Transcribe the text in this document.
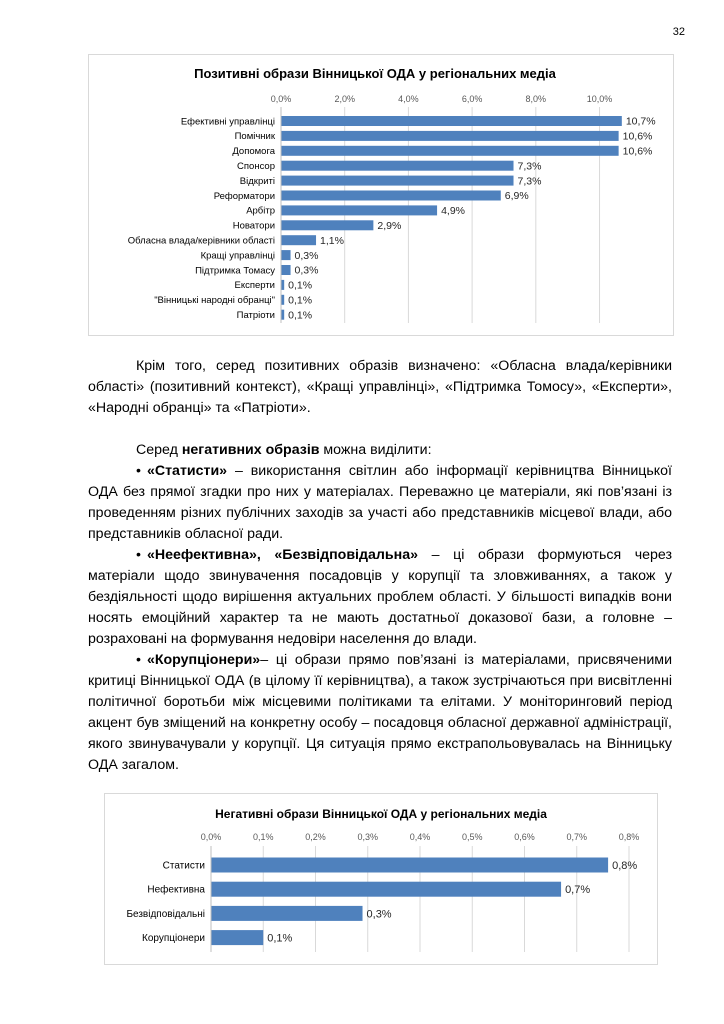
32
Позитивні образи Вінницької ОДА у регіональних медіа
0,0%	2,0%	4,0%	6,0%	8,0%	10,0%
Ефективні управлінці	10,7%
Помічник	10,6%
Допомога	10,6%
Спонсор	7,3%
Відкриті	7,3%
Реформатори	6,9%
Арбітр	4,9%
Новатори	2,9%
Обласна влада/керівники області	1,1%
Кращі управлінці 0,3%
Підтримка Томасу 0,3%
Експерти 0,1%
"Вінницькі народні обранці" 0,1%
Патріоти 0,1%

Крім того, серед позитивних образів визначено: «Обласна влада/керівники області» (позитивний контекст), «Кращі управлінці», «Підтримка Томосу», «Експерти», «Народні обранці» та «Патріоти».

Серед негативних образів можна виділити:

• «Статисти» – використання світлин або інформації керівництва Вінницької ОДА без прямої згадки про них у матеріалах. Переважно це матеріали, які пов’язані із проведенням різних публічних заходів за участі або представників місцевої влади, або представників обласної ради.

• «Неефективна», «Безвідповідальна» – ці образи формуються через матеріали щодо звинувачення посадовців у корупції та зловживаннях, а також у бездіяльності щодо вирішення актуальних проблем області. У більшості випадків вони носять емоційний характер та не мають достатньої доказової бази, а головне – розраховані на формування недовіри населення до влади.

• «Корупціонери»– ці образи прямо пов’язані із матеріалами, присвяченими критиці Вінницької ОДА (в цілому її керівництва), а також зустрічаються при висвітленні політичної боротьби між місцевими політиками та елітами. У моніторинговий період акцент був зміщений на конкретну особу – посадовця обласної державної адміністрації, якого звинувачували у корупції. Ця ситуація прямо екстрапольовувалась на Вінницьку ОДА загалом.

Негативні образи Вінницької ОДА у регіональних медіа
0,0%	0,1%	0,2%	0,3%	0,4%	0,5%	0,6%	0,7%	0,8%
Статисти	0,8%
Нефективна	0,7%
Безвідповідальні	0,3%
Корупціонери	0,1%
